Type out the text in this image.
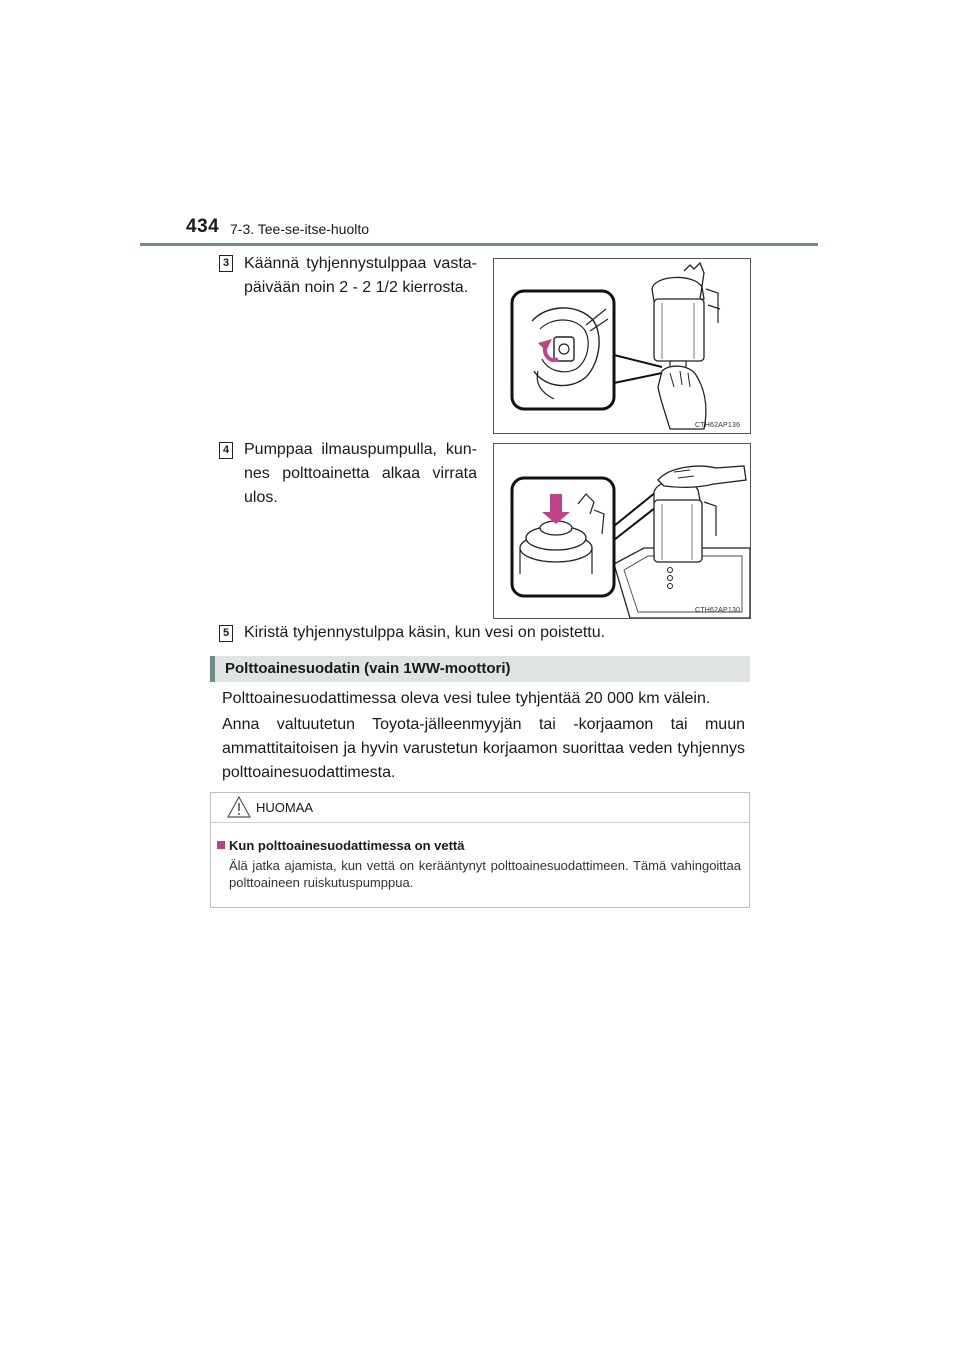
434 7-3. Tee-se-itse-huolto
3 Käännä tyhjennystulppaa vasta-
päivään noin 2 - 2 1/2 kierrosta.
CTH62AP136
4 Pumppaa ilmauspumpulla, kun-
nes polttoainetta alkaa virrata
ulos.
CTH62AP130
5 Kiristä tyhjennystulppa käsin, kun vesi on poistettu.
Polttoainesuodatin (vain 1WW-moottori)
Polttoainesuodattimessa oleva vesi tulee tyhjentää 20 000 km välein.
Anna valtuutetun Toyota-jälleenmyyjän tai -korjaamon tai muun ammattitaitoisen ja hyvin varustetun korjaamon suorittaa veden tyhjennys polttoainesuodattimesta.
HUOMAA
Kun polttoainesuodattimessa on vettä
Älä jatka ajamista, kun vettä on kerääntynyt polttoainesuodattimeen. Tämä vahingoittaa polttoaineen ruiskutuspumppua.
